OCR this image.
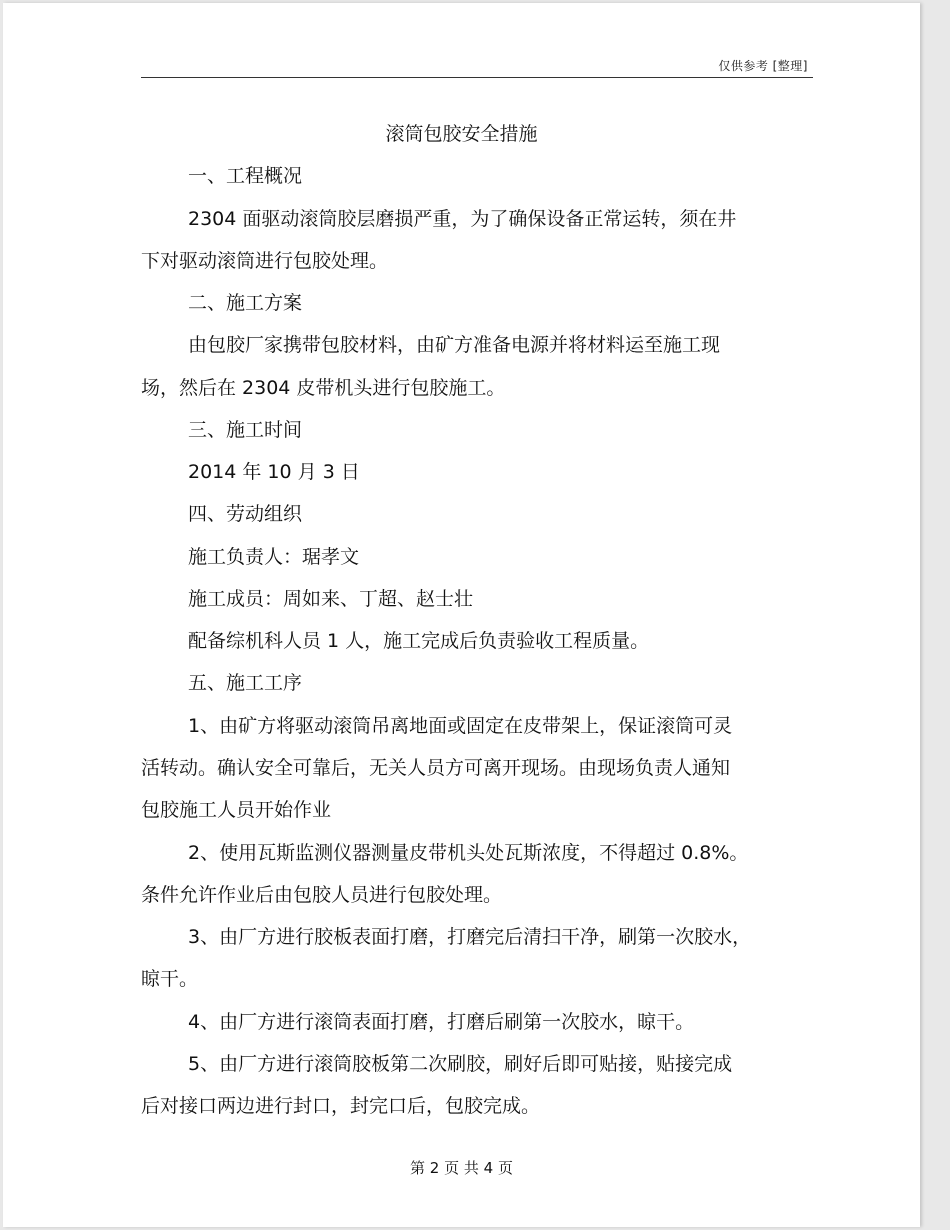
仅供参考 [整理]
滚筒包胶安全措施
一、工程概况
2304 面驱动滚筒胶层磨损严重，为了确保设备正常运转，须在井
下对驱动滚筒进行包胶处理。
二、施工方案
由包胶厂家携带包胶材料，由矿方准备电源并将材料运至施工现
场，然后在 2304 皮带机头进行包胶施工。
三、施工时间
2014 年 10 月 3 日
四、劳动组织
施工负责人：琚孝文
施工成员：周如来、丁超、赵士壮
配备综机科人员 1 人，施工完成后负责验收工程质量。
五、施工工序
1、由矿方将驱动滚筒吊离地面或固定在皮带架上，保证滚筒可灵
活转动。确认安全可靠后，无关人员方可离开现场。由现场负责人通知
包胶施工人员开始作业
2、使用瓦斯监测仪器测量皮带机头处瓦斯浓度，不得超过 0.8%。
条件允许作业后由包胶人员进行包胶处理。
3、由厂方进行胶板表面打磨，打磨完后清扫干净，刷第一次胶水，
晾干。
4、由厂方进行滚筒表面打磨，打磨后刷第一次胶水，晾干。
5、由厂方进行滚筒胶板第二次刷胶，刷好后即可贴接，贴接完成
后对接口两边进行封口，封完口后，包胶完成。
第 2 页 共 4 页
